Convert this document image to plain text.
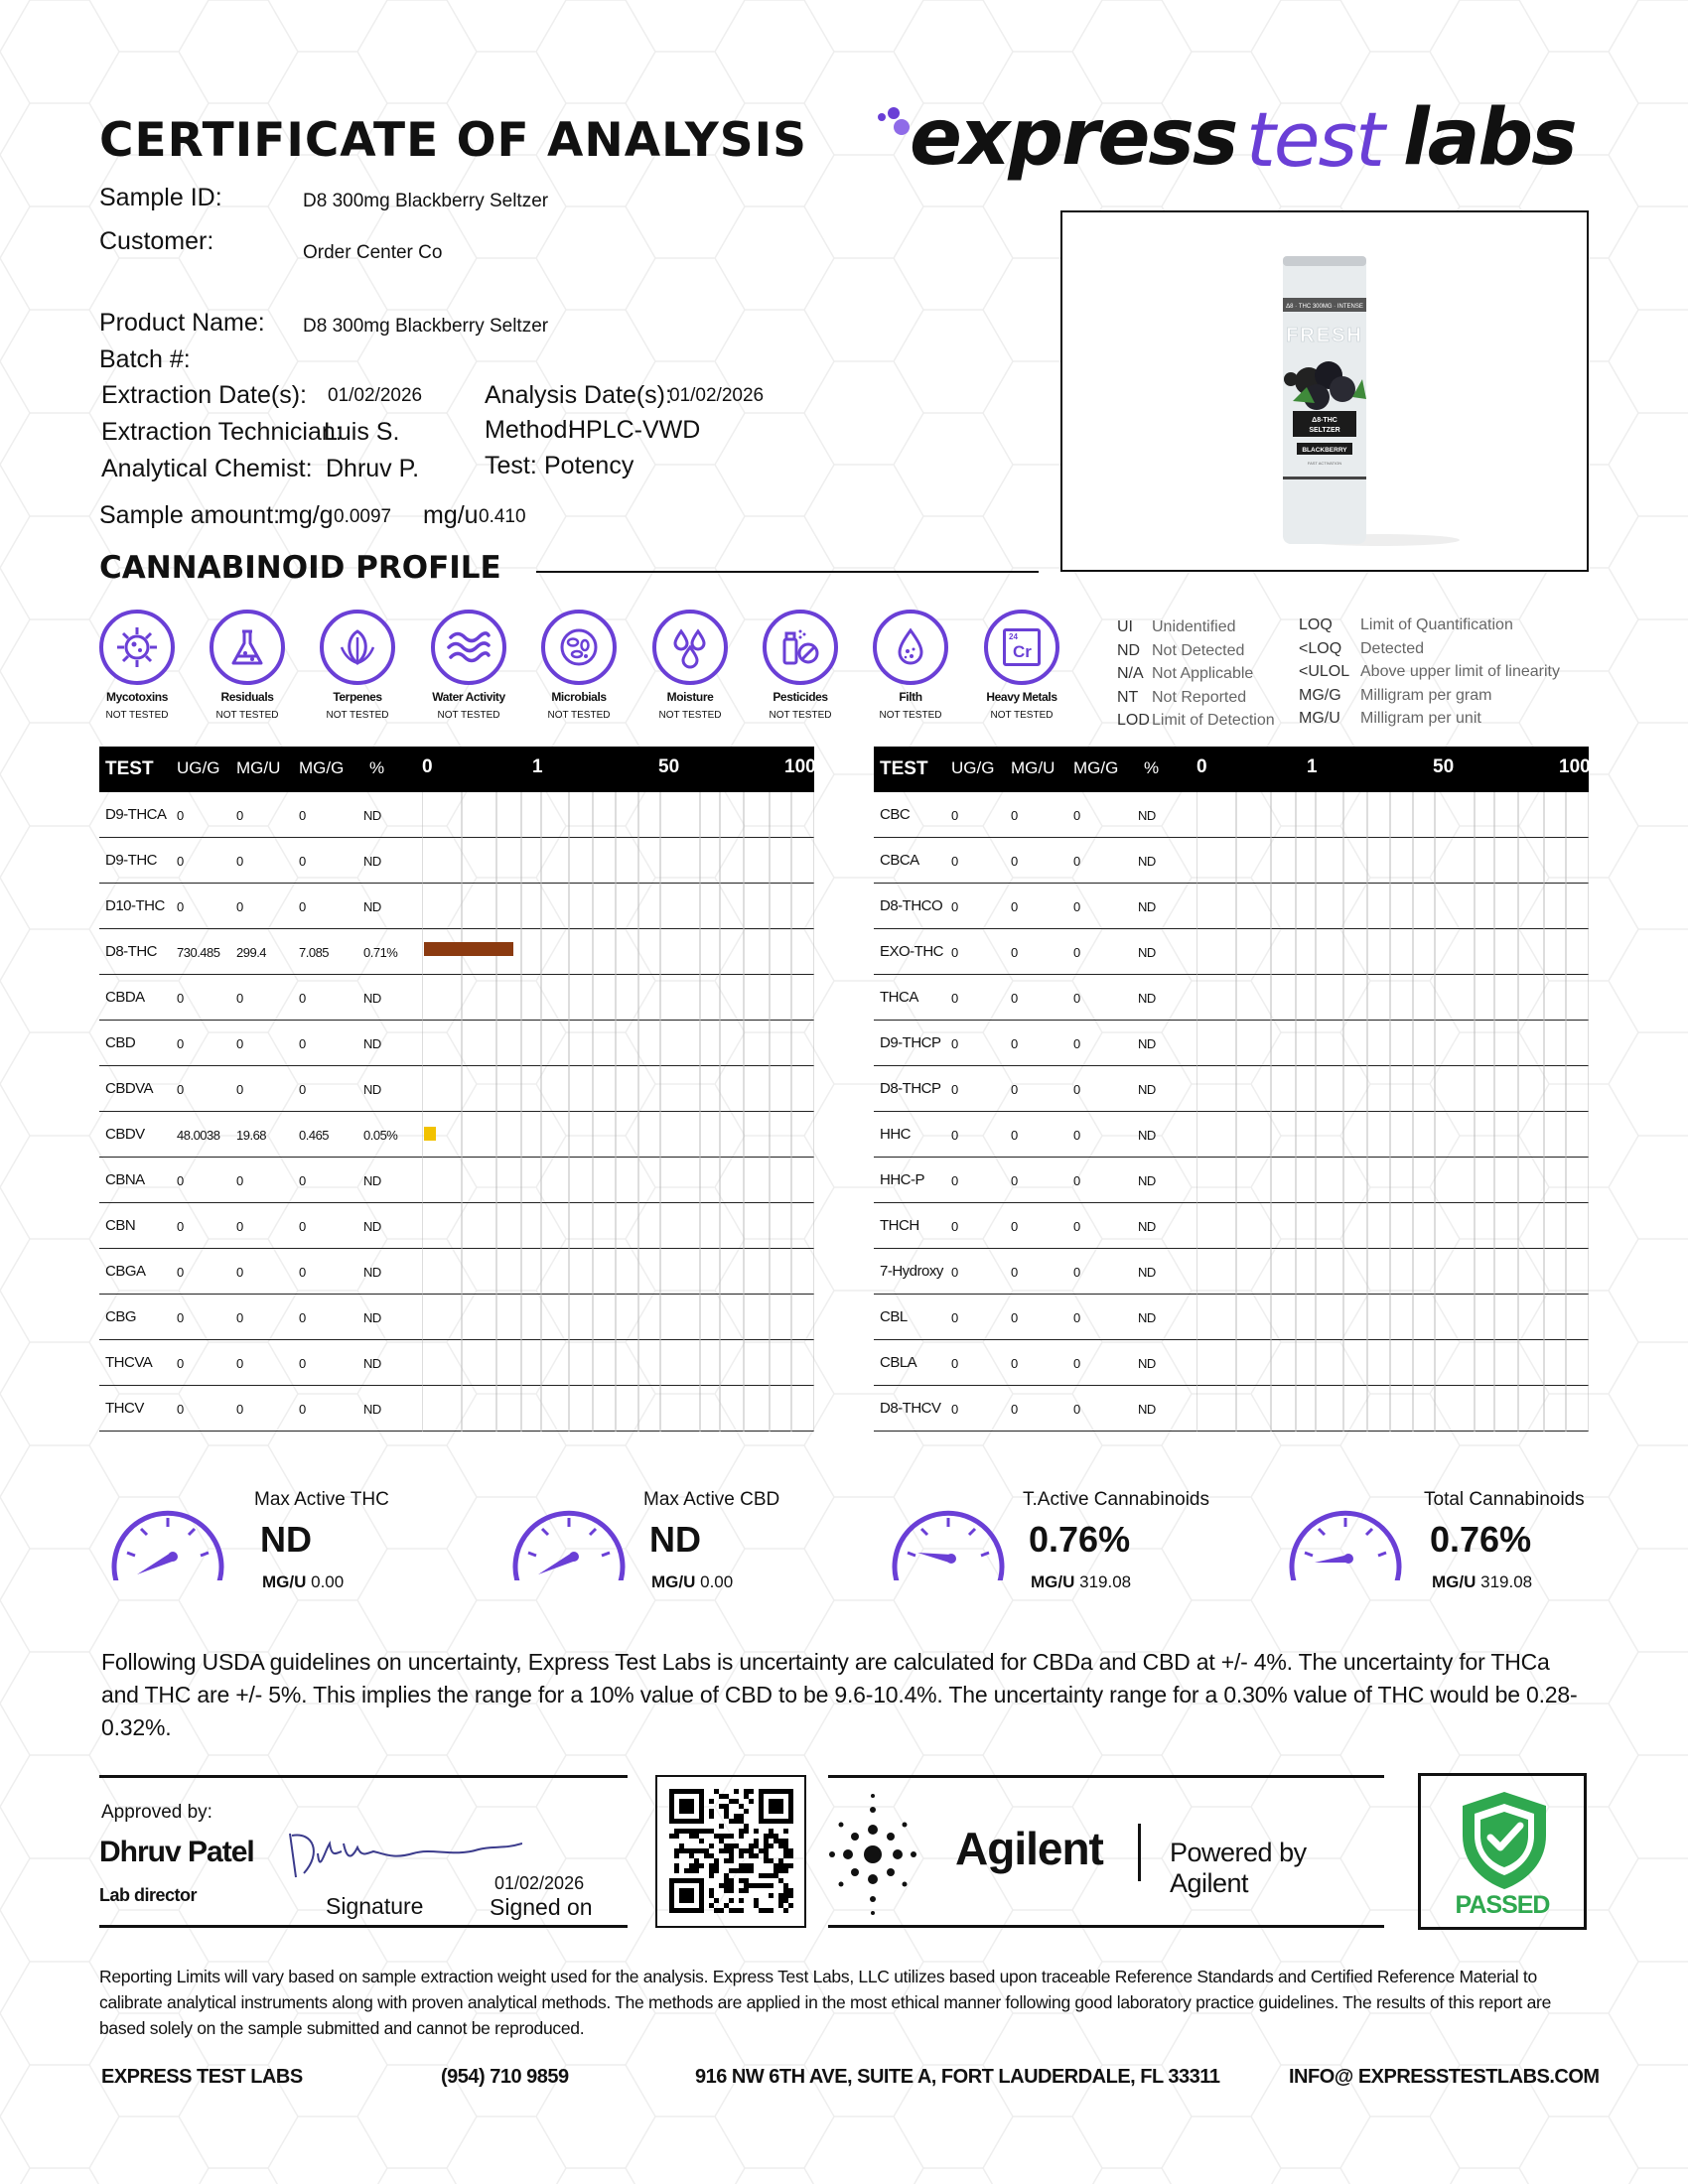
CERTIFICATE OF ANALYSIS express test labs
Sample ID:	D8 300mg Blackberry Seltzer
Customer:	Order Center Co
Product Name: D8 300mg Blackberry Seltzer
Batch #:
Extraction Date(s): 01/02/2026	Analysis Date(s):
01/02/2026
Extraction Technician:
Luis S.	Method:
HPLC-VWD
Analytical Chemist: Dhruv P.	Test: Potency
Sample amount:
mg/g 0.0097 mg/u 0.410
Δ8 · THC 300MG · INTENSE
FRESH
Δ8-THC
SELTZER
BLACKBERRY
FAST ACTIVATION
CANNABINOID PROFILE
Mycotoxins
NOT TESTED
Residuals
NOT TESTED
Terpenes
NOT TESTED
Water Activity
NOT TESTED
Microbials
NOT TESTED
Moisture
NOT TESTED
Pesticides
NOT TESTED
Filth
NOT TESTED
24
Cr
Heavy Metals
NOT TESTED
UI Unidentified
ND Not Detected
N/A Not Applicable
NT Not Reported
LOD Limit of Detection
LOQ Limit of Quantification
<LOQ Detected
<ULOL Above upper limit of linearity
MG/G Milligram per gram
MG/U Milligram per unit
TEST UG/G MG/U MG/G % 0	1	50	100
D9-THCA 0	0	0	ND
D9-THC 0	0	0	ND
D10-THC 0	0	0	ND
D8-THC 730.485 299.4	7.085	0.71%
CBDA 0	0	0	ND
CBD	0	0	0	ND
CBDVA 0	0	0	ND
CBDV 48.0038 19.68	0.465	0.05%
CBNA 0	0	0	ND
CBN	0	0	0	ND
CBGA 0	0	0	ND
CBG	0	0	0	ND
THCVA 0	0	0	ND
THCV	0	0	0	ND
TEST UG/G MG/U MG/G % 0	1	50	100
CBC	0	0	0	ND
CBCA 0	0	0	ND
D8-THCO 0	0	0	ND
EXO-THC 0	0	0	ND
THCA	0	0	0	ND
D9-THCP 0	0	0	ND
D8-THCP 0	0	0	ND
HHC	0	0	0	ND
HHC-P 0	0	0	ND
THCH 0	0	0	ND
7-Hydroxy 0	0	0	ND
CBL	0	0	0	ND
CBLA	0	0	0	ND
D8-THCV 0	0	0	ND
Max Active THC
ND
MG/U 0.00
Max Active CBD
ND
MG/U 0.00
T.Active Cannabinoids
0.76%
MG/U 319.08
Total Cannabinoids
0.76%
MG/U 319.08
Following USDA guidelines on uncertainty, Express Test Labs is uncertainty are calculated for CBDa and CBD at +/- 4%. The uncertainty for THCa and THC are +/- 5%. This implies the range for a 10% value of CBD to be 9.6-10.4%. The uncertainty range for a 0.30% value of THC would be 0.28-0.32%.
Approved by:
Dhruv Patel
Lab director	Signature
01/02/2026
Signed on
Agilent Powered by Agilent
PASSED
Reporting Limits will vary based on sample extraction weight used for the analysis. Express Test Labs, LLC utilizes based upon traceable Reference Standards and Certified Reference Material to calibrate analytical instruments along with proven analytical methods. The methods are applied in the most ethical manner following good laboratory practice guidelines. The results of this report are based solely on the sample submitted and cannot be reproduced.
EXPRESS TEST LABS	(954) 710 9859	916 NW 6TH AVE, SUITE A, FORT LAUDERDALE, FL 33311	INFO@ EXPRESSTESTLABS.COM
